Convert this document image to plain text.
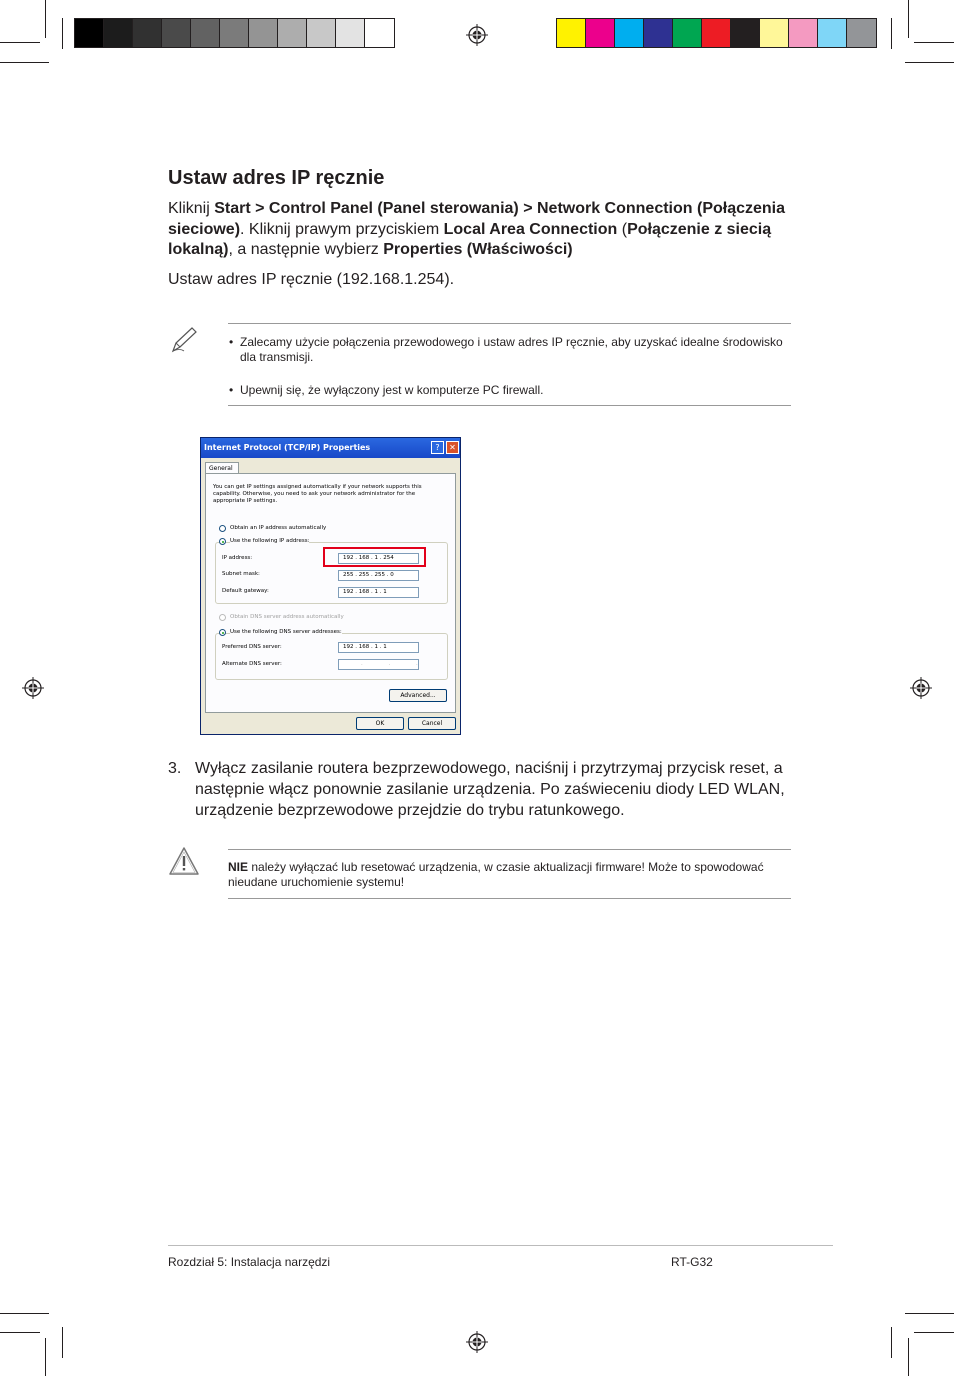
Ustaw adres IP ręcznie
Kliknij Start > Control Panel (Panel sterowania) > Network Connection (Połączenia sieciowe). Kliknij prawym przyciskiem Local Area Connection (Połączenie z siecią lokalną), a następnie wybierz Properties (Właściwości)
Ustaw adres IP ręcznie (192.168.1.254).
• Zalecamy użycie połączenia przewodowego i ustaw adres IP ręcznie, aby uzyskać idealne środowisko dla transmisji.
• Upewnij się, że wyłączony jest w komputerze PC firewall.
Internet Protocol (TCP/IP) Properties	?	✕
General
You can get IP settings assigned automatically if your network supports this capability. Otherwise, you need to ask your network administrator for the appropriate IP settings.
Obtain an IP address automatically
Use the following IP address:
IP address:	192 . 168 . 1 . 254
Subnet mask:	255 . 255 . 255 . 0
Default gateway:	192 . 168 . 1 . 1
Obtain DNS server address automatically
Use the following DNS server addresses:
Preferred DNS server:	192 . 168 . 1 . 1
Alternate DNS server:	. . .
Advanced...
OK	Cancel
3. Wyłącz zasilanie routera bezprzewodowego, naciśnij i przytrzymaj przycisk reset, a następnie włącz ponownie zasilanie urządzenia. Po zaświeceniu diody LED WLAN, urządzenie bezprzewodowe przejdzie do trybu ratunkowego.
NIE należy wyłączać lub resetować urządzenia, w czasie aktualizacji firmware! Może to spowodować nieudane uruchomienie systemu!
Rozdział 5: Instalacja narzędzi	RT-G32
